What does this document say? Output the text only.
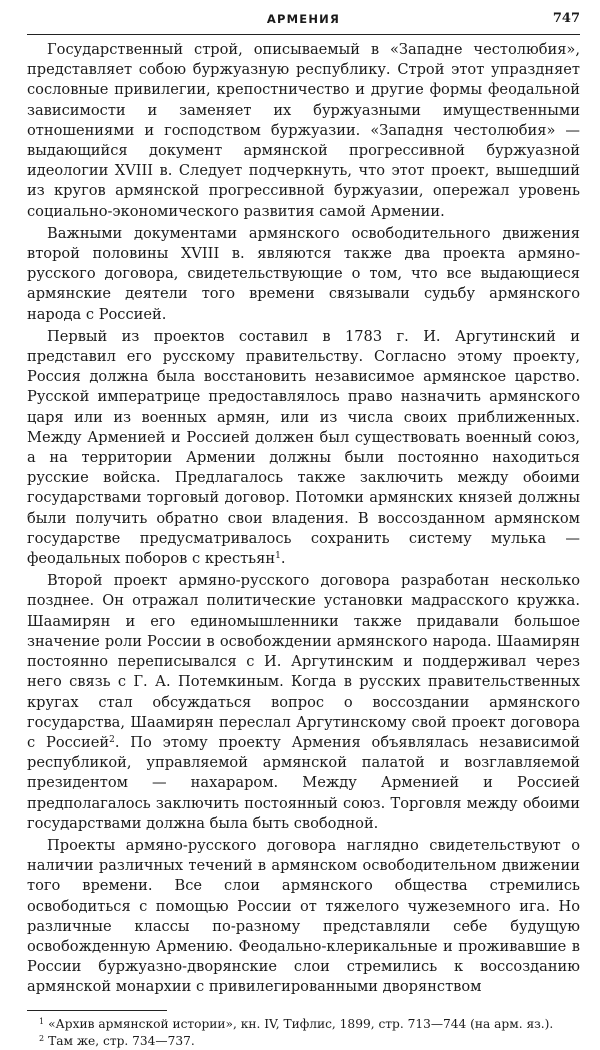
АРМЕНИЯ	747

Государственный строй, описываемый в «Западне честолюбия», представляет собою буржуазную республику. Строй этот упраздняет сословные привилегии, крепостничество и другие формы феодальной зависимости и заменяет их буржуазными имущественными отношениями и господством буржуазии. «Западня честолюбия» — выдающийся документ армянской прогрессивной буржуазной идеологии XVIII в. Следует подчеркнуть, что этот проект, вышедший из кругов армянской прогрессивной буржуазии, опережал уровень социально-экономического развития самой Армении.

Важными документами армянского освободительного движения второй половины XVIII в. являются также два проекта армяно-русского договора, свидетельствующие о том, что все выдающиеся армянские деятели того времени связывали судьбу армянского народа с Россией.

Первый из проектов составил в 1783 г. И. Аргутинский и представил его русскому правительству. Согласно этому проекту, Россия должна была восстановить независимое армянское царство. Русской императрице предоставлялось право назначить армянского царя или из военных армян, или из числа своих приближенных. Между Арменией и Россией должен был существовать военный союз, а на территории Армении должны были постоянно находиться русские войска. Предлагалось также заключить между обоими государствами торговый договор. Потомки армянских князей должны были получить обратно свои владения. В воссозданном армянском государстве предусматривалось сохранить систему мулька — феодальных поборов с крестьян$^1$.

Второй проект армяно-русского договора разработан несколько позднее. Он отражал политические установки мадрасского кружка. Шаамирян и его единомышленники также придавали большое значение роли России в освобождении армянского народа. Шаамирян постоянно переписывался с И. Аргутинским и поддерживал через него связь с Г. А. Потемкиным. Когда в русских правительственных кругах стал обсуждаться вопрос о воссоздании армянского государства, Шаамирян переслал Аргутинскому свой проект договора с Россией$^2$. По этому проекту Армения объявлялась независимой республикой, управляемой армянской палатой и возглавляемой президентом — нахараром. Между Арменией и Россией предполагалось заключить постоянный союз. Торговля между обоими государствами должна была быть свободной.

Проекты армяно-русского договора наглядно свидетельствуют о наличии различных течений в армянском освободительном движении того времени. Все слои армянского общества стремились освободиться с помощью России от тяжелого чужеземного ига. Но различные классы по-разному представляли себе будущую освобожденную Армению. Феодально-клерикальные и проживавшие в России буржуазно-дворянские слои стремились к воссозданию армянской монархии с привилегированными дворянством

$^1$ «Архив армянской истории», кн. IV, Тифлис, 1899, стр. 713—744 (на арм. яз.).
$^2$ Там же, стр. 734—737.
